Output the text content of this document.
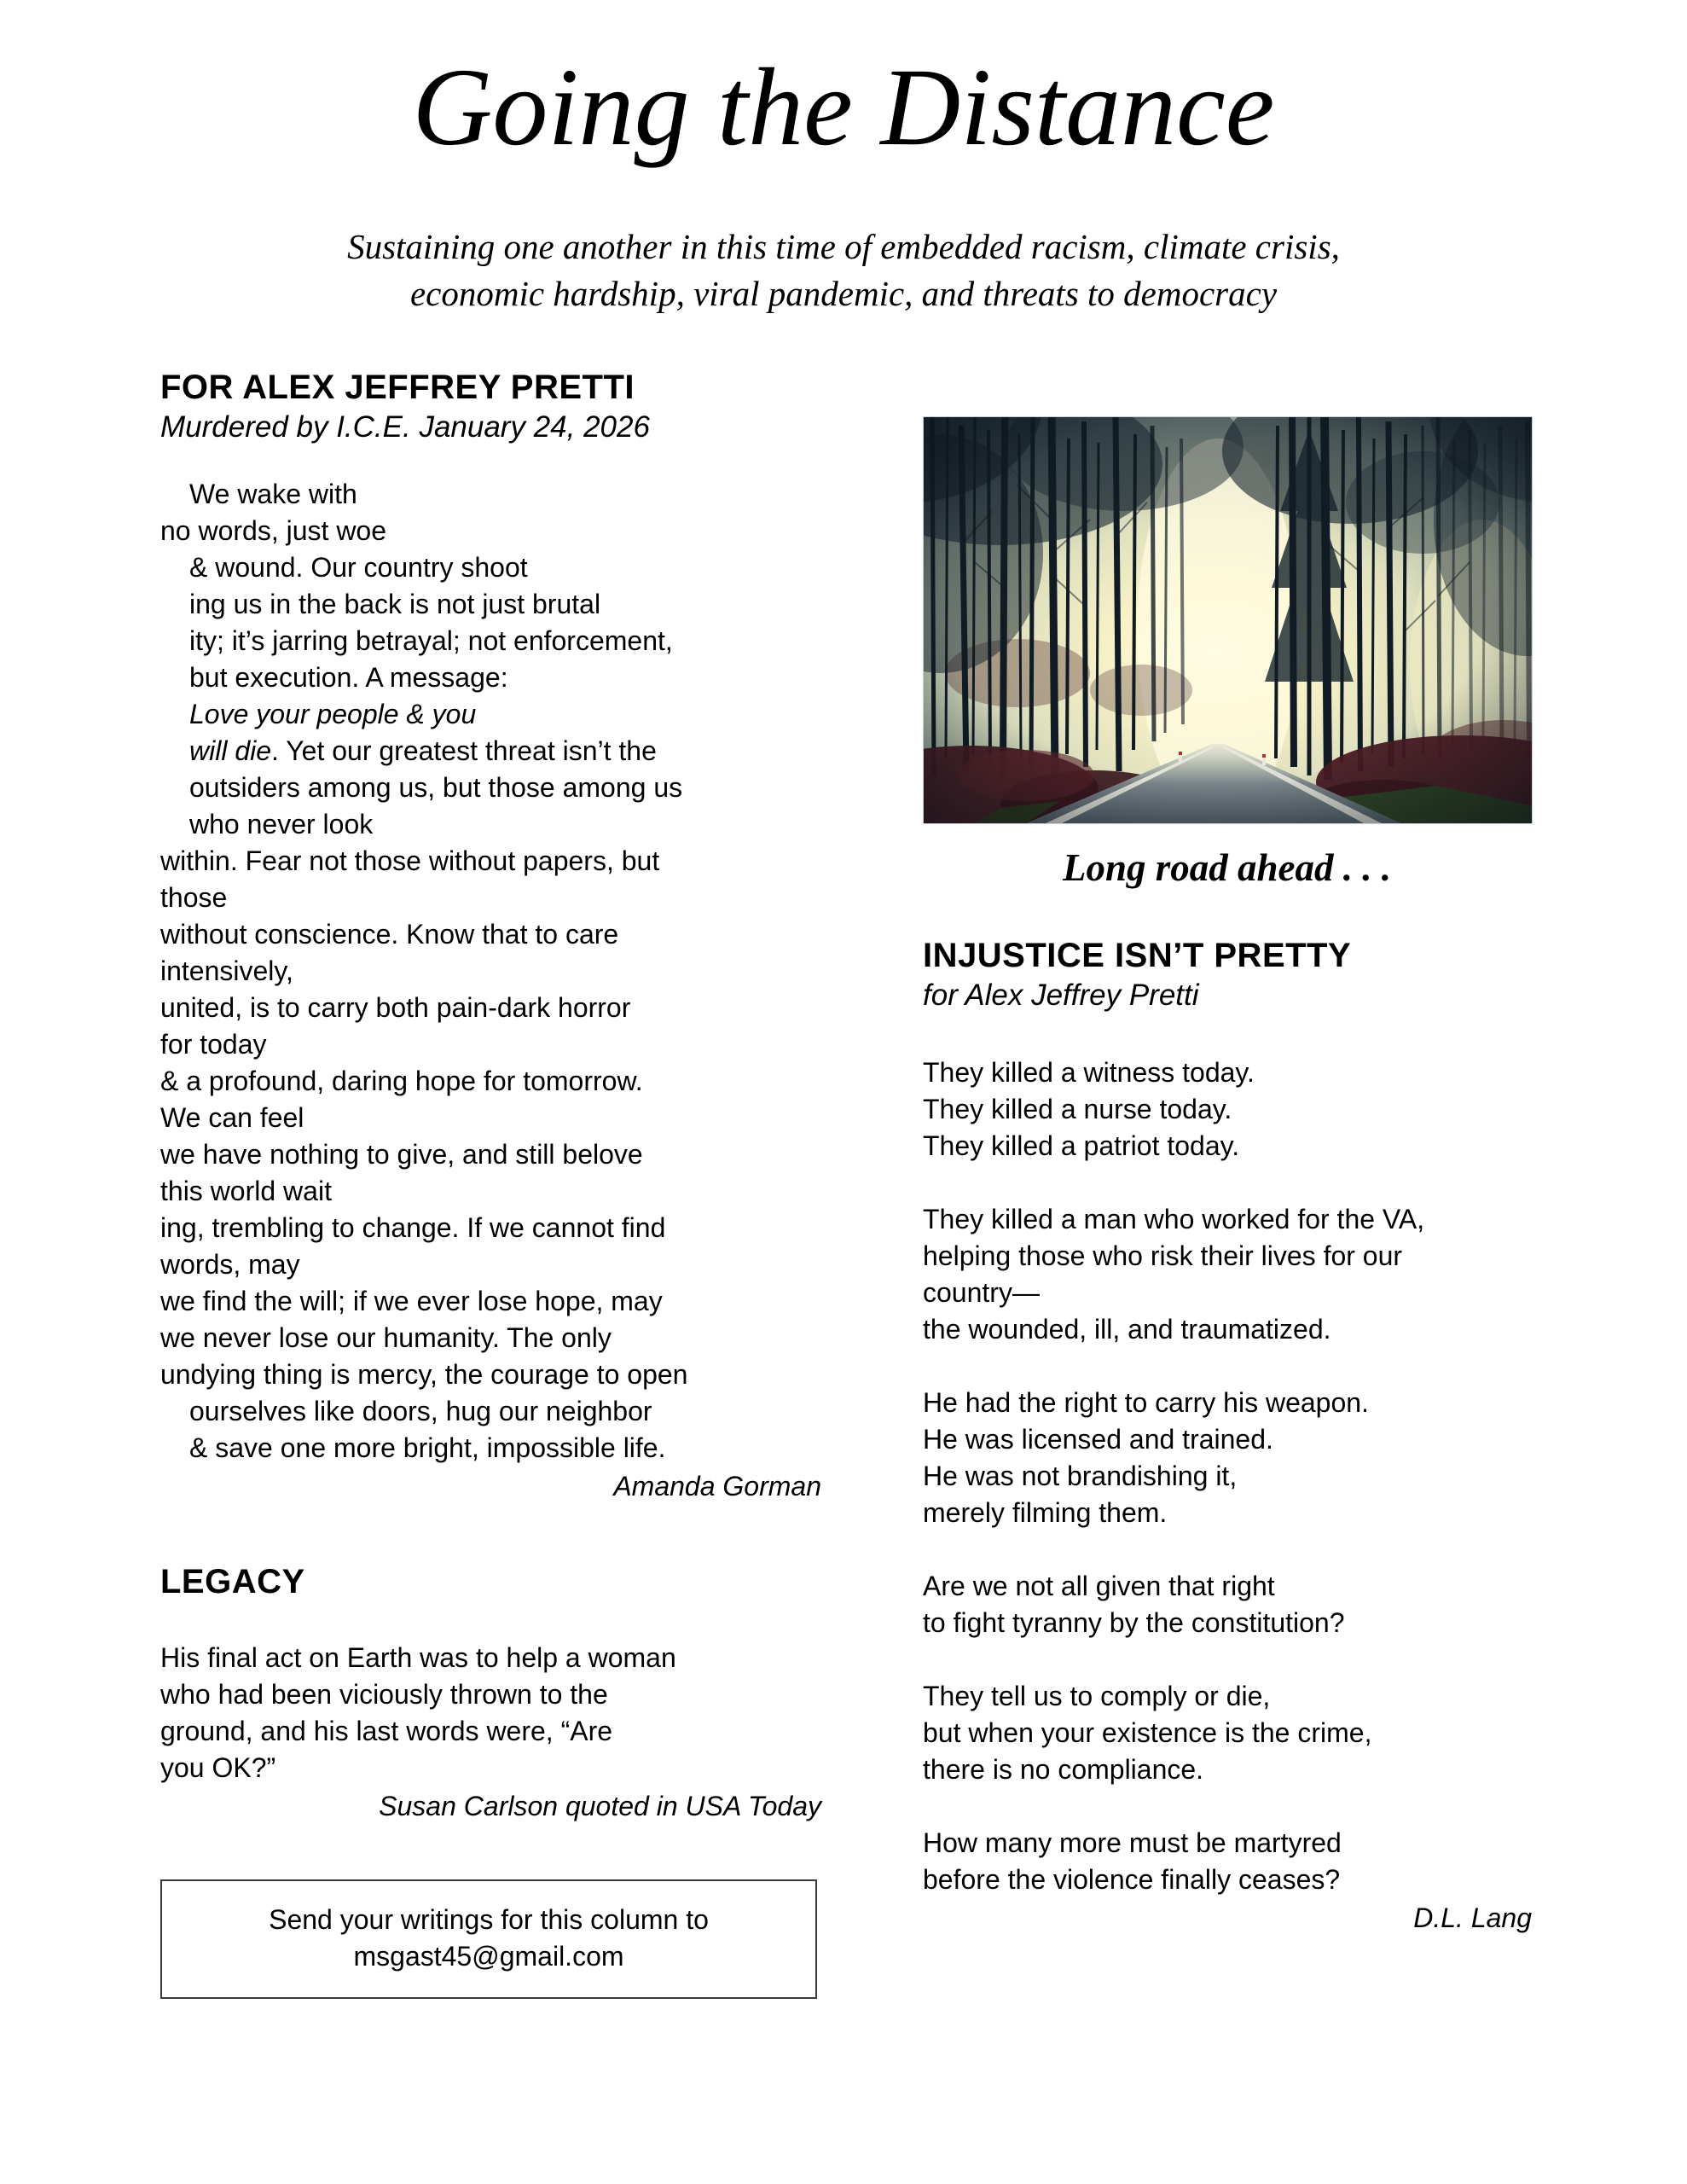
Going the Distance
Sustaining one another in this time of embedded racism, climate crisis,
economic hardship, viral pandemic, and threats to democracy
FOR ALEX JEFFREY PRETTI
Murdered by I.C.E. January 24, 2026
We wake with
no words, just woe
& wound. Our country shoot
ing us in the back is not just brutal
ity; it’s jarring betrayal; not enforcement,
but execution. A message:
Love your people & you
will die. Yet our greatest threat isn’t the
outsiders among us, but those among us
who never look
within. Fear not those without papers, but
those
without conscience. Know that to care
intensively,
united, is to carry both pain-dark horror
for today
& a profound, daring hope for tomorrow.
We can feel
we have nothing to give, and still belove
this world wait
ing, trembling to change. If we cannot find
words, may
we find the will; if we ever lose hope, may
we never lose our humanity. The only
undying thing is mercy, the courage to open
ourselves like doors, hug our neighbor
& save one more bright, impossible life.
Amanda Gorman
LEGACY
His final act on Earth was to help a woman
who had been viciously thrown to the
ground, and his last words were, “Are
you OK?”
Susan Carlson quoted in USA Today
Send your writings for this column to
msgast45@gmail.com
Long road ahead . . .
INJUSTICE ISN’T PRETTY
for Alex Jeffrey Pretti
They killed a witness today.
They killed a nurse today.
They killed a patriot today.
They killed a man who worked for the VA,
helping those who risk their lives for our
country—
the wounded, ill, and traumatized.
He had the right to carry his weapon.
He was licensed and trained.
He was not brandishing it,
merely filming them.
Are we not all given that right
to fight tyranny by the constitution?
They tell us to comply or die,
but when your existence is the crime,
there is no compliance.
How many more must be martyred
before the violence finally ceases?
D.L. Lang
